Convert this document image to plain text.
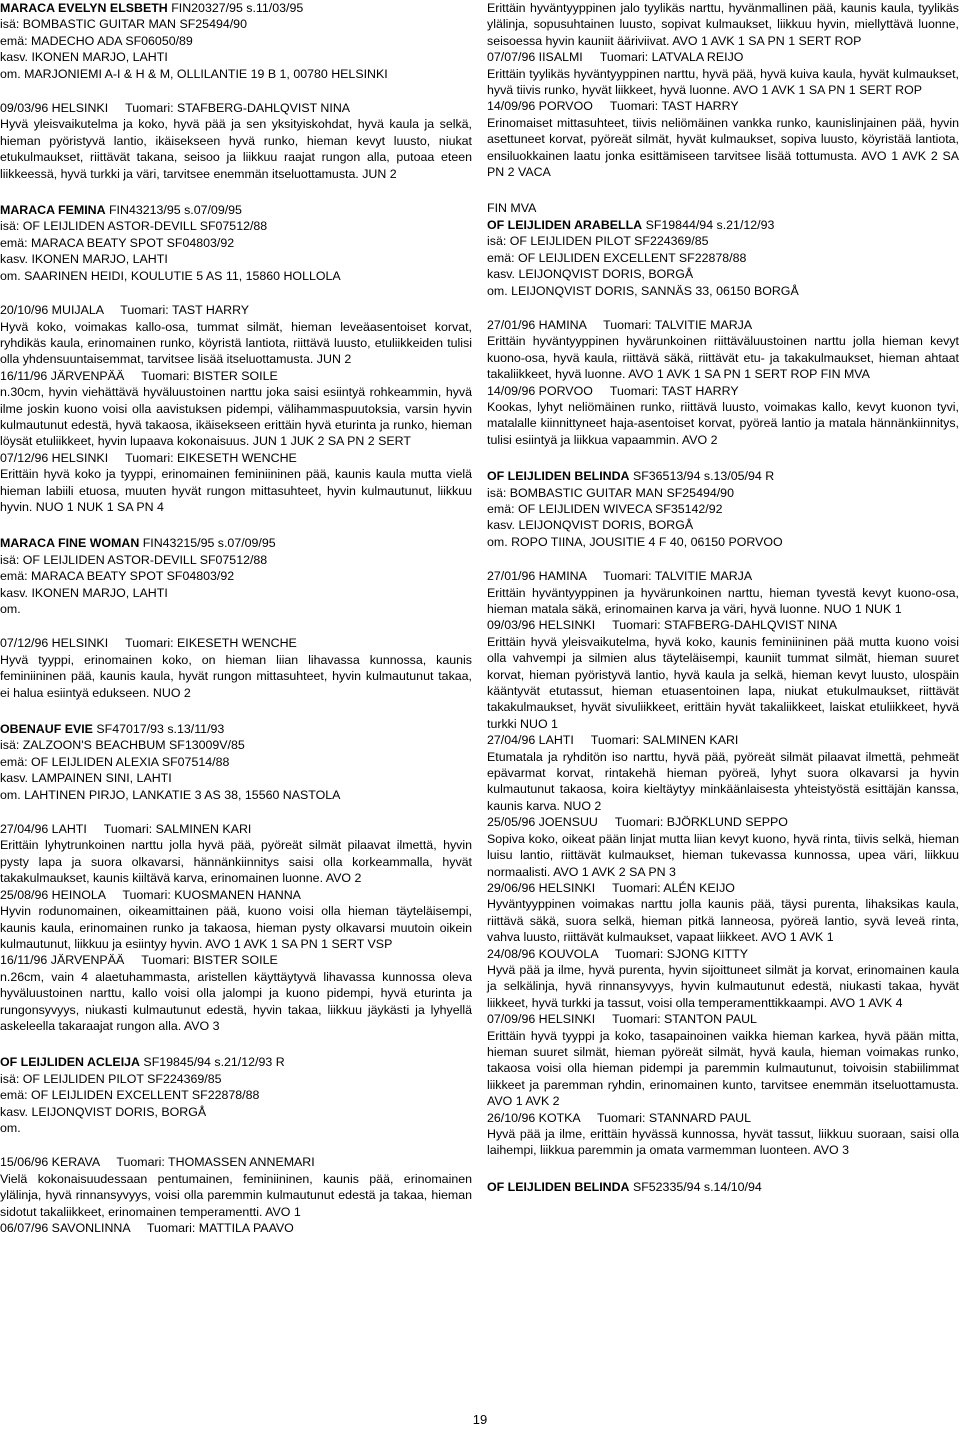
MARACA EVELYN ELSBETH FIN20327/95 s.11/03/95

isä: BOMBASTIC GUITAR MAN SF25494/90

emä: MADECHO ADA SF06050/89

kasv. IKONEN MARJO, LAHTI

om. MARJONIEMI A-I & H & M, OLLILANTIE 19 B 1, 00780 HELSINKI

09/03/96 HELSINKI     Tuomari: STAFBERG-DAHLQVIST NINA

Hyvä yleisvaikutelma ja koko, hyvä pää ja sen yksityiskohdat, hyvä kaula ja selkä, hieman pyöristyvä lantio, ikäisekseen hyvä runko, hieman kevyt luusto, niukat etukulmaukset, riittävät takana, seisoo ja liikkuu raajat rungon alla, putoaa eteen liikkeessä, hyvä turkki ja väri, tarvitsee enemmän itseluottamusta. JUN 2

MARACA FEMINA FIN43213/95 s.07/09/95

isä: OF LEIJLIDEN ASTOR-DEVILL SF07512/88

emä: MARACA BEATY SPOT SF04803/92

kasv. IKONEN MARJO, LAHTI

om. SAARINEN HEIDI, KOULUTIE 5 AS 11, 15860 HOLLOLA

20/10/96 MUIJALA     Tuomari: TAST HARRY

Hyvä koko, voimakas kallo-osa, tummat silmät, hieman leveäasentoiset korvat, ryhdikäs kaula, erinomainen runko, köyristä lantiota, riittävä luusto, etuliikkeiden tulisi olla yhdensuuntaisemmat, tarvitsee lisää itseluottamusta. JUN 2

16/11/96 JÄRVENPÄÄ     Tuomari: BISTER SOILE

n.30cm, hyvin viehättävä hyväluustoinen narttu joka saisi esiintyä rohkeammin, hyvä ilme joskin kuono voisi olla aavistuksen pidempi, välihammaspuutoksia, varsin hyvin kulmautunut edestä, hyvä takaosa, ikäisekseen erittäin hyvä eturinta ja runko, hieman löysät etuliikkeet, hyvin lupaava kokonaisuus. JUN 1 JUK 2 SA PN 2 SERT

07/12/96 HELSINKI     Tuomari: EIKESETH WENCHE

Erittäin hyvä koko ja tyyppi, erinomainen feminiininen pää, kaunis kaula mutta vielä hieman labiili etuosa, muuten hyvät rungon mittasuhteet, hyvin kulmautunut, liikkuu hyvin. NUO 1 NUK 1 SA PN 4

MARACA FINE WOMAN FIN43215/95 s.07/09/95

isä: OF LEIJLIDEN ASTOR-DEVILL SF07512/88

emä: MARACA BEATY SPOT SF04803/92

kasv. IKONEN MARJO, LAHTI

om.

07/12/96 HELSINKI     Tuomari: EIKESETH WENCHE

Hyvä tyyppi, erinomainen koko, on hieman liian lihavassa kunnossa, kaunis feminiininen pää, kaunis kaula, hyvät rungon mittasuhteet, hyvin kulmautunut takaa, ei halua esiintyä edukseen. NUO 2

OBENAUF EVIE SF47017/93 s.13/11/93

isä: ZALZOON'S BEACHBUM SF13009V/85

emä: OF LEIJLIDEN ALEXIA SF07514/88

kasv. LAMPAINEN SINI, LAHTI

om. LAHTINEN PIRJO, LANKATIE 3 AS 38, 15560 NASTOLA

27/04/96 LAHTI     Tuomari: SALMINEN KARI

Erittäin lyhytrunkoinen narttu jolla hyvä pää, pyöreät silmät pilaavat ilmettä, hyvin pysty lapa ja suora olkavarsi, hännänkiinnitys saisi olla korkeammalla, hyvät takakulmaukset, kaunis kiiltävä karva, erinomainen luonne. AVO 2

25/08/96 HEINOLA     Tuomari: KUOSMANEN HANNA

Hyvin rodunomainen, oikeamittainen pää, kuono voisi olla hieman täyteläisempi, kaunis kaula, erinomainen runko ja takaosa, hieman pysty olkavarsi muutoin oikein kulmautunut, liikkuu ja esiintyy hyvin. AVO 1 AVK 1 SA PN 1 SERT VSP

16/11/96 JÄRVENPÄÄ     Tuomari: BISTER SOILE

n.26cm, vain 4 alaetuhammasta, aristellen käyttäytyvä lihavassa kunnossa oleva hyväluustoinen narttu, kallo voisi olla jalompi ja kuono pidempi, hyvä eturinta ja rungonsyvyys, niukasti kulmautunut edestä, hyvin takaa, liikkuu jäykästi ja lyhyellä askeleella takaraajat rungon alla. AVO 3

OF LEIJLIDEN ACLEIJA SF19845/94 s.21/12/93 R

isä: OF LEIJLIDEN PILOT SF224369/85

emä: OF LEIJLIDEN EXCELLENT SF22878/88

kasv. LEIJONQVIST DORIS, BORGÅ

om.

15/06/96 KERAVA     Tuomari: THOMASSEN ANNEMARI

Vielä kokonaisuudessaan pentumainen, feminiininen, kaunis pää, erinomainen ylälinja, hyvä rinnansyvyys, voisi olla paremmin kulmautunut edestä ja takaa, hieman sidotut takaliikkeet, erinomainen temperamentti. AVO 1

06/07/96 SAVONLINNA     Tuomari: MATTILA PAAVO

Erittäin hyväntyyppinen jalo tyylikäs narttu, hyvänmallinen pää, kaunis kaula, tyylikäs ylälinja, sopusuhtainen luusto, sopivat kulmaukset, liikkuu hyvin, miellyttävä luonne, seisoessa hyvin kauniit ääriviivat. AVO 1 AVK 1 SA PN 1 SERT ROP

07/07/96 IISALMI     Tuomari: LATVALA REIJO

Erittäin tyylikäs hyväntyyppinen narttu, hyvä pää, hyvä kuiva kaula, hyvät kulmaukset, hyvä tiivis runko, hyvät liikkeet, hyvä luonne. AVO 1 AVK 1 SA PN 1 SERT ROP

14/09/96 PORVOO     Tuomari: TAST HARRY

Erinomaiset mittasuhteet, tiivis neliömäinen vankka runko, kaunislinjainen pää, hyvin asettuneet korvat, pyöreät silmät, hyvät kulmaukset, sopiva luusto, köyristää lantiota, ensiluokkainen laatu jonka esittämiseen tarvitsee lisää tottumusta. AVO 1 AVK 2 SA PN 2 VACA

FIN MVA

OF LEIJLIDEN ARABELLA SF19844/94 s.21/12/93

isä: OF LEIJLIDEN PILOT SF224369/85

emä: OF LEIJLIDEN EXCELLENT SF22878/88

kasv. LEIJONQVIST DORIS, BORGÅ

om. LEIJONQVIST DORIS, SANNÄS 33, 06150 BORGÅ

27/01/96 HAMINA     Tuomari: TALVITIE MARJA

Erittäin hyväntyyppinen hyvärunkoinen riittäväluustoinen narttu jolla hieman kevyt kuono-osa, hyvä kaula, riittävä säkä, riittävät etu- ja takakulmaukset, hieman ahtaat takaliikkeet, hyvä luonne. AVO 1 AVK 1 SA PN 1 SERT ROP FIN MVA

14/09/96 PORVOO     Tuomari: TAST HARRY

Kookas, lyhyt neliömäinen runko, riittävä luusto, voimakas kallo, kevyt kuonon tyvi, matalalle kiinnittyneet haja-asentoiset korvat, pyöreä lantio ja matala hännänkiinnitys, tulisi esiintyä ja liikkua vapaammin. AVO 2

OF LEIJLIDEN BELINDA SF36513/94 s.13/05/94 R

isä: BOMBASTIC GUITAR MAN SF25494/90

emä: OF LEIJLIDEN WIVECA SF35142/92

kasv. LEIJONQVIST DORIS, BORGÅ

om. ROPO TIINA, JOUSITIE 4 F 40, 06150 PORVOO

27/01/96 HAMINA     Tuomari: TALVITIE MARJA

Erittäin hyväntyyppinen ja hyvärunkoinen narttu, hieman tyvestä kevyt kuono-osa, hieman matala säkä, erinomainen karva ja väri, hyvä luonne. NUO 1 NUK 1

09/03/96 HELSINKI     Tuomari: STAFBERG-DAHLQVIST NINA

Erittäin hyvä yleisvaikutelma, hyvä koko, kaunis feminiininen pää mutta kuono voisi olla vahvempi ja silmien alus täyteläisempi, kauniit tummat silmät, hieman suuret korvat, hieman pyöristyvä lantio, hyvä kaula ja selkä, hieman kevyt luusto, ulospäin kääntyvät etutassut, hieman etuasentoinen lapa, niukat etukulmaukset, riittävät takakulmaukset, hyvät sivuliikkeet, erittäin hyvät takaliikkeet, laiskat etuliikkeet, hyvä turkki NUO 1

27/04/96 LAHTI     Tuomari: SALMINEN KARI

Etumatala ja ryhditön iso narttu, hyvä pää, pyöreät silmät pilaavat ilmettä, pehmeät epävarmat korvat, rintakehä hieman pyöreä, lyhyt suora olkavarsi ja hyvin kulmautunut takaosa, koira kieltäytyy minkäänlaisesta yhteistyöstä esittäjän kanssa, kaunis karva. NUO 2

25/05/96 JOENSUU     Tuomari: BJÖRKLUND SEPPO

Sopiva koko, oikeat pään linjat mutta liian kevyt kuono, hyvä rinta, tiivis selkä, hieman luisu lantio, riittävät kulmaukset, hieman tukevassa kunnossa, upea väri, liikkuu normaalisti. AVO 1 AVK 2 SA PN 3

29/06/96 HELSINKI     Tuomari: ALÉN KEIJO

Hyväntyyppinen voimakas narttu jolla kaunis pää, täysi purenta, lihaksikas kaula, riittävä säkä, suora selkä, hieman pitkä lanneosa, pyöreä lantio, syvä leveä rinta, vahva luusto, riittävät kulmaukset, vapaat liikkeet. AVO 1 AVK 1

24/08/96 KOUVOLA     Tuomari: SJONG KITTY

Hyvä pää ja ilme, hyvä purenta, hyvin sijoittuneet silmät ja korvat, erinomainen kaula ja selkälinja, hyvä rinnansyvyys, hyvin kulmautunut edestä, niukasti takaa, hyvät liikkeet, hyvä turkki ja tassut, voisi olla temperamenttikkaampi. AVO 1 AVK 4

07/09/96 HELSINKI     Tuomari: STANTON PAUL

Erittäin hyvä tyyppi ja koko, tasapainoinen vaikka hieman karkea, hyvä pään mitta, hieman suuret silmät, hieman pyöreät silmät, hyvä kaula, hieman voimakas runko, takaosa voisi olla hieman pidempi ja paremmin kulmautunut, toivoisin stabiilimmat liikkeet ja paremman ryhdin, erinomainen kunto, tarvitsee enemmän itseluottamusta. AVO 1 AVK 2

26/10/96 KOTKA     Tuomari: STANNARD PAUL

Hyvä pää ja ilme, erittäin hyvässä kunnossa, hyvät tassut, liikkuu suoraan, saisi olla laihempi, liikkua paremmin ja omata varmemman luonteen. AVO 3

OF LEIJLIDEN BELINDA SF52335/94 s.14/10/94

19
